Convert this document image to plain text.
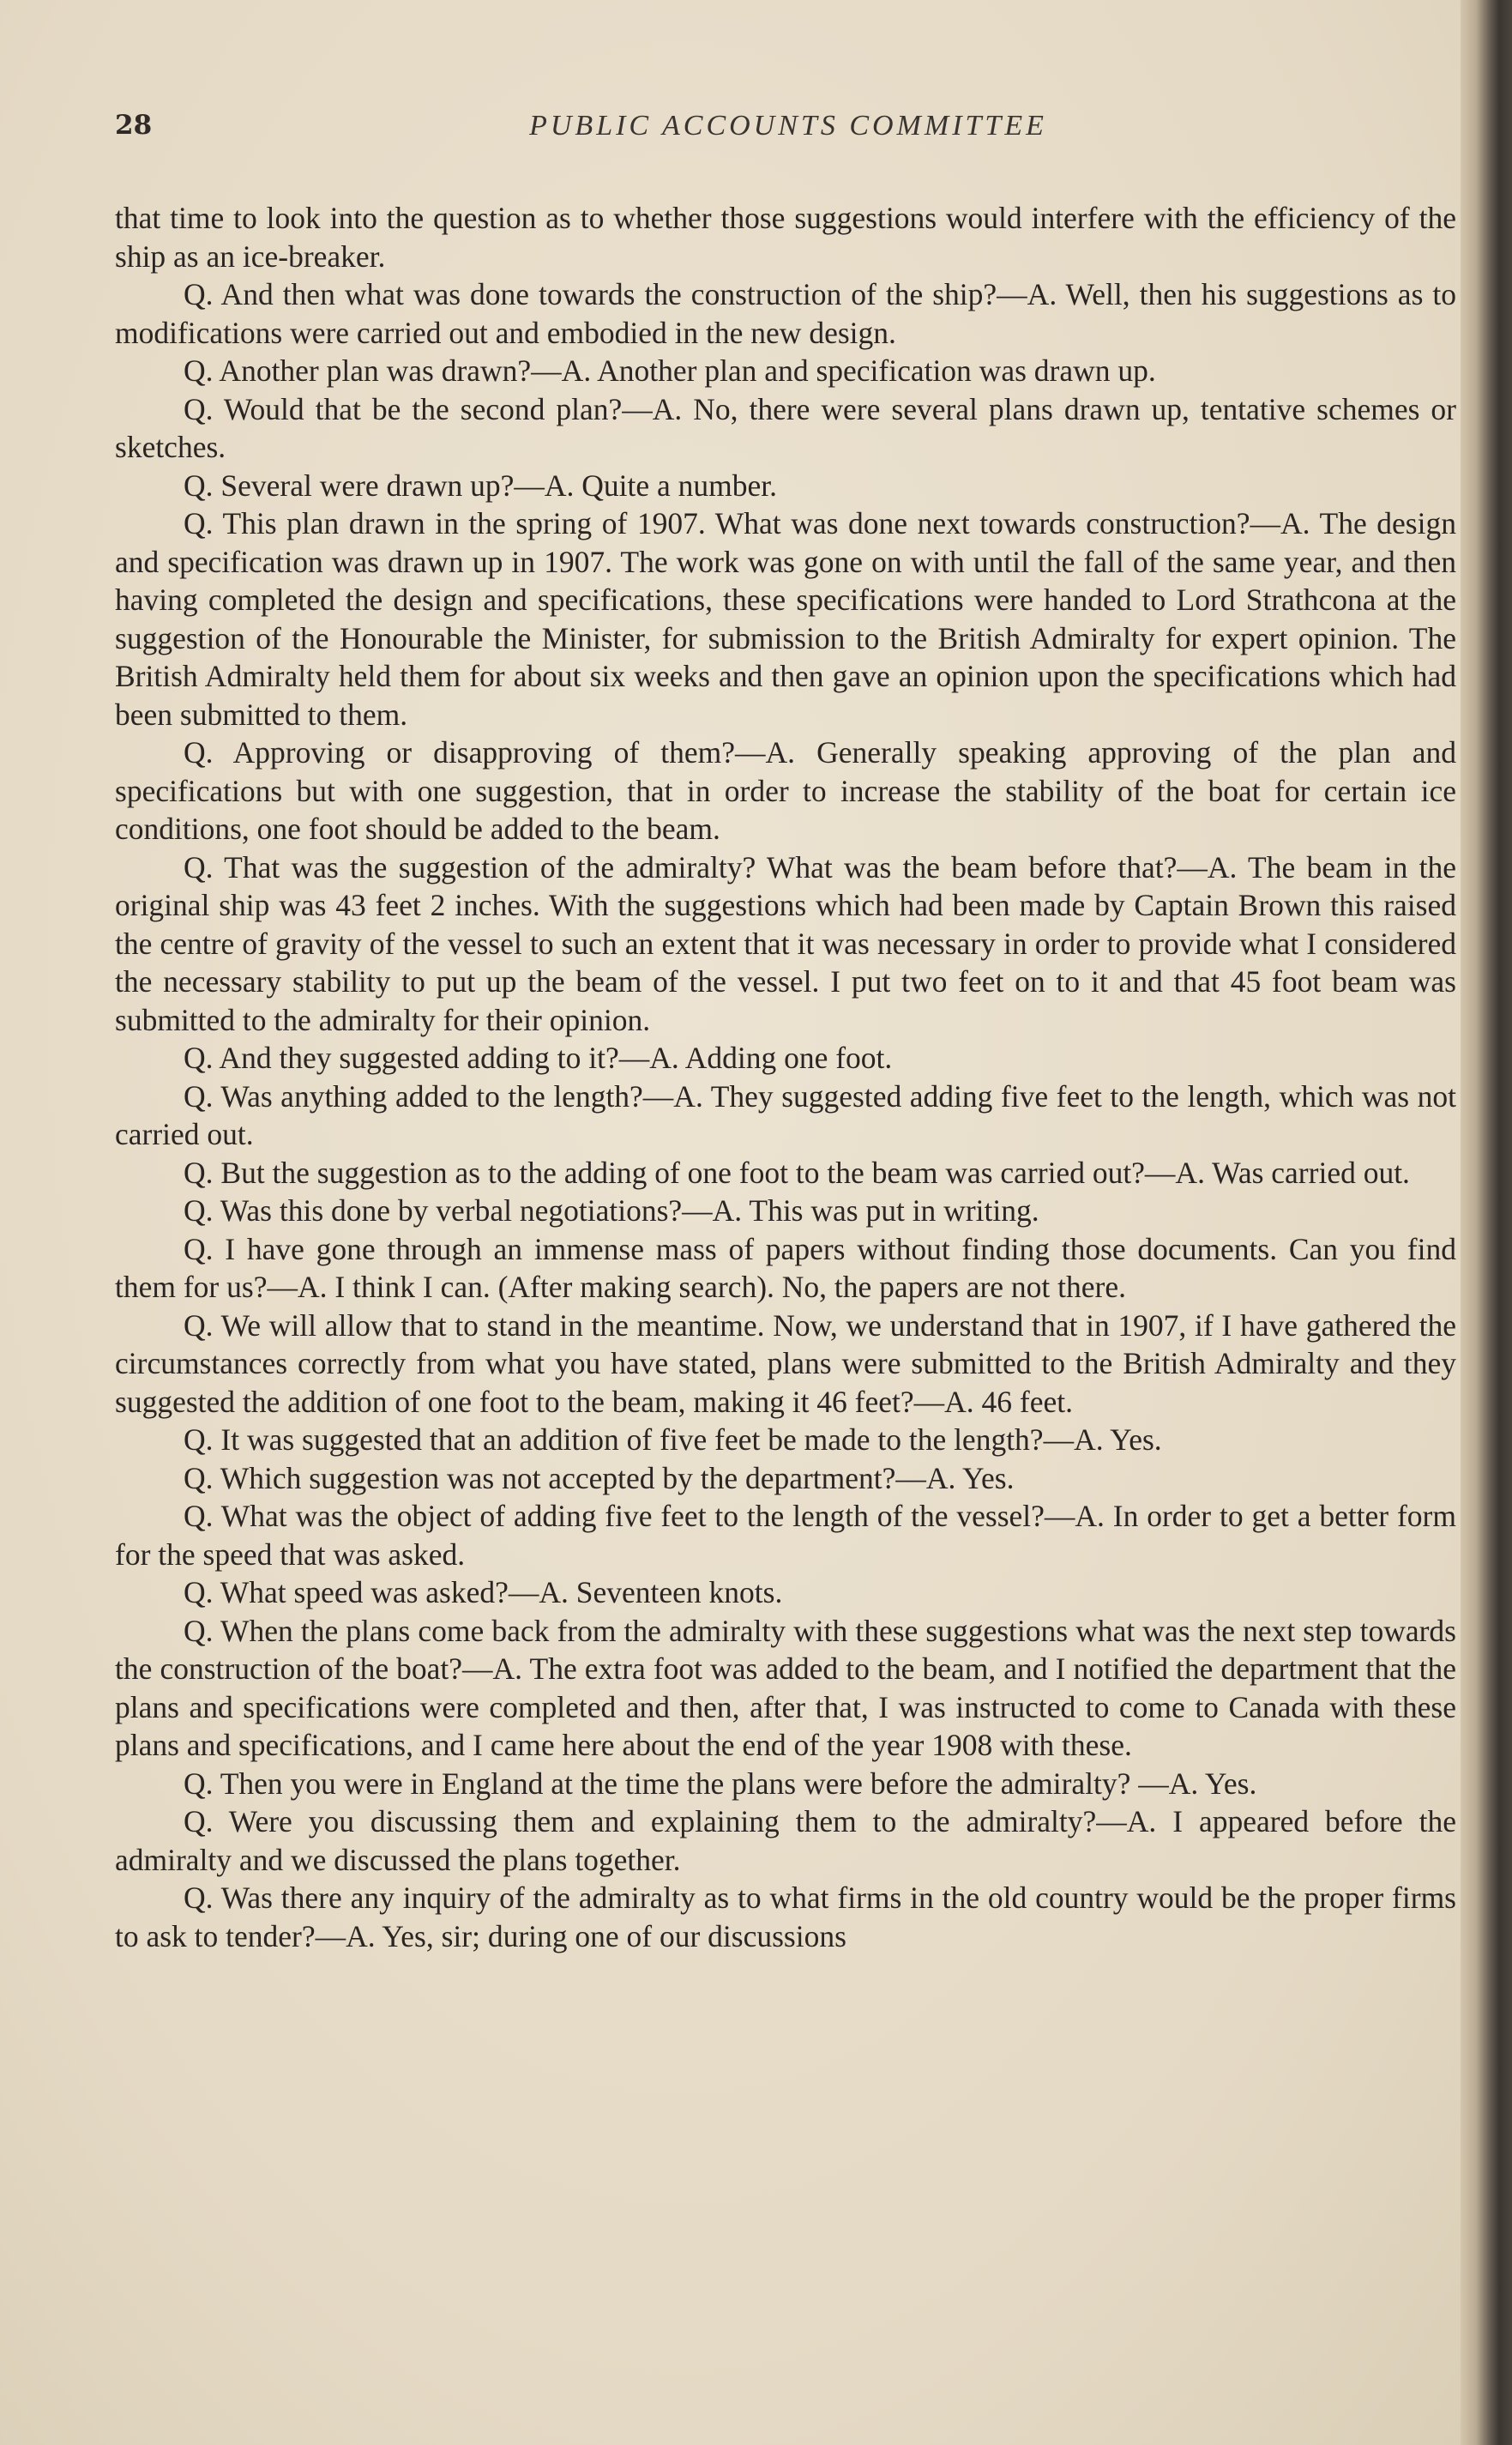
28	PUBLIC ACCOUNTS COMMITTEE

that time to look into the question as to whether those suggestions would interfere with the efficiency of the ship as an ice-breaker.

Q. And then what was done towards the construction of the ship?—A. Well, then his suggestions as to modifications were carried out and embodied in the new design.

Q. Another plan was drawn?—A. Another plan and specification was drawn up.

Q. Would that be the second plan?—A. No, there were several plans drawn up, tentative schemes or sketches.

Q. Several were drawn up?—A. Quite a number.

Q. This plan drawn in the spring of 1907. What was done next towards construction?—A. The design and specification was drawn up in 1907. The work was gone on with until the fall of the same year, and then having completed the design and specifications, these specifications were handed to Lord Strathcona at the suggestion of the Honourable the Minister, for submission to the British Admiralty for expert opinion. The British Admiralty held them for about six weeks and then gave an opinion upon the specifications which had been submitted to them.

Q. Approving or disapproving of them?—A. Generally speaking approving of the plan and specifications but with one suggestion, that in order to increase the stability of the boat for certain ice conditions, one foot should be added to the beam.

Q. That was the suggestion of the admiralty? What was the beam before that?—A. The beam in the original ship was 43 feet 2 inches. With the suggestions which had been made by Captain Brown this raised the centre of gravity of the vessel to such an extent that it was necessary in order to provide what I considered the necessary stability to put up the beam of the vessel. I put two feet on to it and that 45 foot beam was submitted to the admiralty for their opinion.

Q. And they suggested adding to it?—A. Adding one foot.

Q. Was anything added to the length?—A. They suggested adding five feet to the length, which was not carried out.

Q. But the suggestion as to the adding of one foot to the beam was carried out?—A. Was carried out.

Q. Was this done by verbal negotiations?—A. This was put in writing.

Q. I have gone through an immense mass of papers without finding those documents. Can you find them for us?—A. I think I can. (After making search). No, the papers are not there.

Q. We will allow that to stand in the meantime. Now, we understand that in 1907, if I have gathered the circumstances correctly from what you have stated, plans were submitted to the British Admiralty and they suggested the addition of one foot to the beam, making it 46 feet?—A. 46 feet.

Q. It was suggested that an addition of five feet be made to the length?—A. Yes.

Q. Which suggestion was not accepted by the department?—A. Yes.

Q. What was the object of adding five feet to the length of the vessel?—A. In order to get a better form for the speed that was asked.

Q. What speed was asked?—A. Seventeen knots.

Q. When the plans come back from the admiralty with these suggestions what was the next step towards the construction of the boat?—A. The extra foot was added to the beam, and I notified the department that the plans and specifications were completed and then, after that, I was instructed to come to Canada with these plans and specifications, and I came here about the end of the year 1908 with these.

Q. Then you were in England at the time the plans were before the admiralty? —A. Yes.

Q. Were you discussing them and explaining them to the admiralty?—A. I appeared before the admiralty and we discussed the plans together.

Q. Was there any inquiry of the admiralty as to what firms in the old country would be the proper firms to ask to tender?—A. Yes, sir; during one of our discussions
